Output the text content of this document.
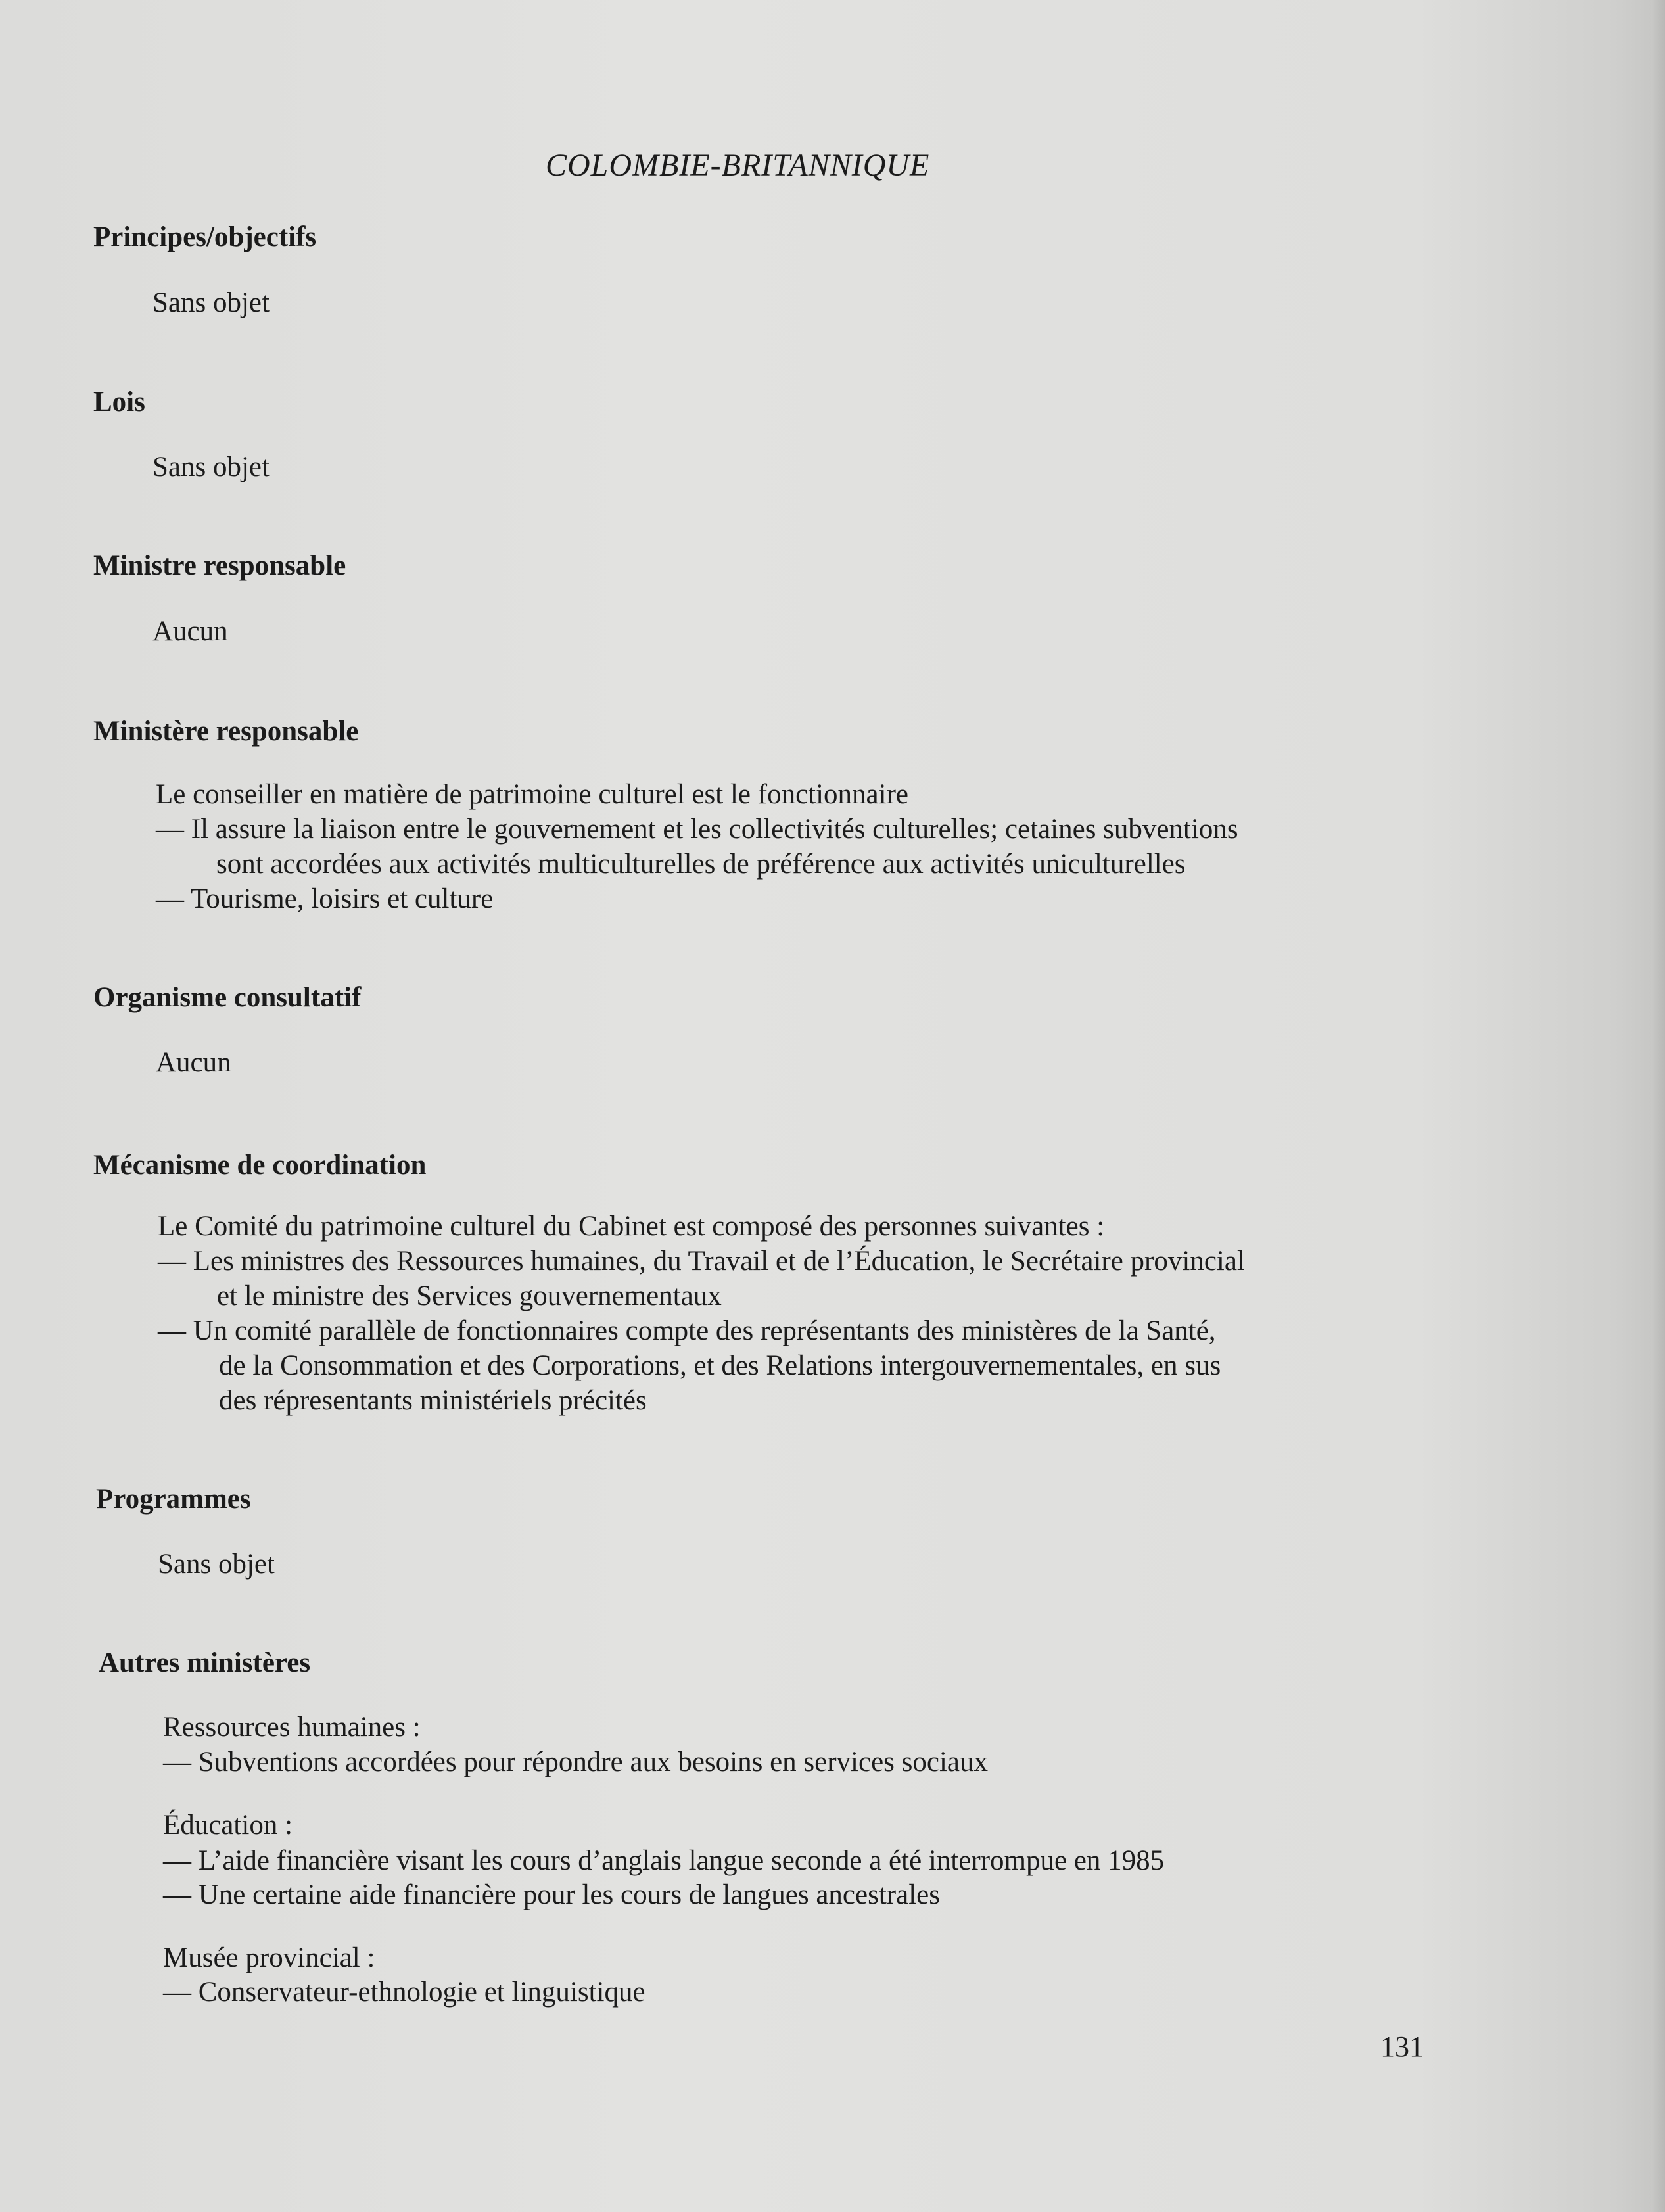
COLOMBIE-BRITANNIQUE
Principes/objectifs
Sans objet
Lois
Sans objet
Ministre responsable
Aucun
Ministère responsable
Le conseiller en matière de patrimoine culturel est le fonctionnaire
— Il assure la liaison entre le gouvernement et les collectivités culturelles; cetaines subventions
sont accordées aux activités multiculturelles de préférence aux activités uniculturelles
— Tourisme, loisirs et culture
Organisme consultatif
Aucun
Mécanisme de coordination
Le Comité du patrimoine culturel du Cabinet est composé des personnes suivantes :
— Les ministres des Ressources humaines, du Travail et de l’Éducation, le Secrétaire provincial
et le ministre des Services gouvernementaux
— Un comité parallèle de fonctionnaires compte des représentants des ministères de la Santé,
de la Consommation et des Corporations, et des Relations intergouvernementales, en sus
des répresentants ministériels précités
Programmes
Sans objet
Autres ministères
Ressources humaines :
— Subventions accordées pour répondre aux besoins en services sociaux
Éducation :
— L’aide financière visant les cours d’anglais langue seconde a été interrompue en 1985
— Une certaine aide financière pour les cours de langues ancestrales
Musée provincial :
— Conservateur-ethnologie et linguistique
131
